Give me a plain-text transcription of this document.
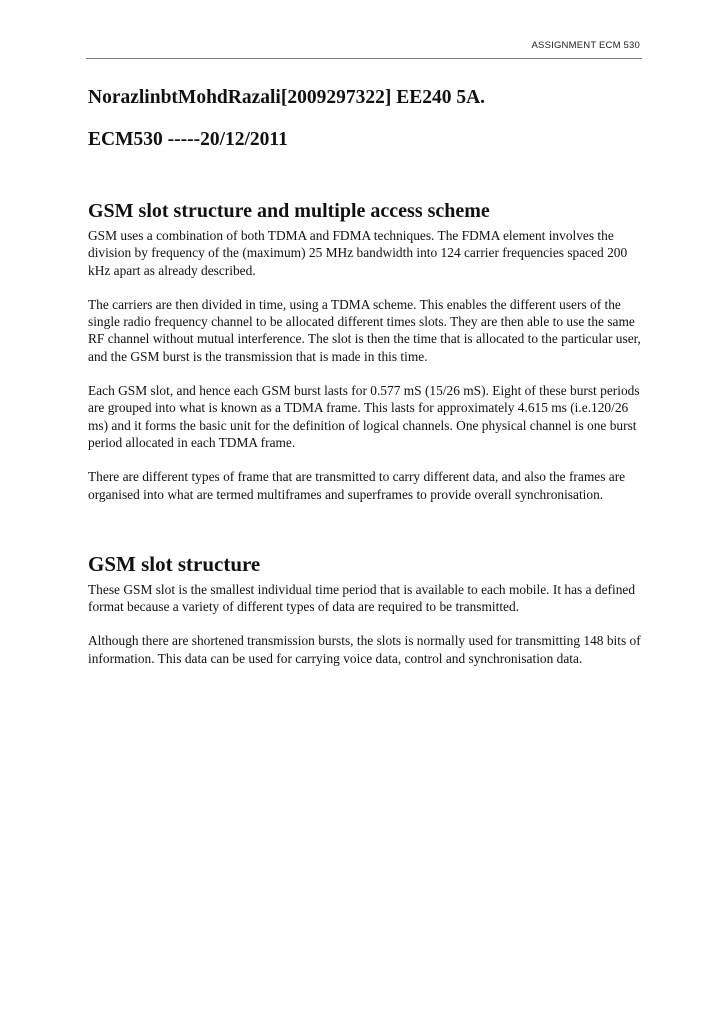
ASSIGNMENT ECM 530

NorazlinbtMohdRazali[2009297322] EE240 5A.

ECM530 -----20/12/2011

GSM slot structure and multiple access scheme

GSM uses a combination of both TDMA and FDMA techniques. The FDMA element involves the division by frequency of the (maximum) 25 MHz bandwidth into 124 carrier frequencies spaced 200 kHz apart as already described.

The carriers are then divided in time, using a TDMA scheme. This enables the different users of the single radio frequency channel to be allocated different times slots. They are then able to use the same RF channel without mutual interference. The slot is then the time that is allocated to the particular user, and the GSM burst is the transmission that is made in this time.

Each GSM slot, and hence each GSM burst lasts for 0.577 mS (15/26 mS). Eight of these burst periods are grouped into what is known as a TDMA frame. This lasts for approximately 4.615 ms (i.e.120/26 ms) and it forms the basic unit for the definition of logical channels. One physical channel is one burst period allocated in each TDMA frame.

There are different types of frame that are transmitted to carry different data, and also the frames are organised into what are termed multiframes and superframes to provide overall synchronisation.

GSM slot structure

These GSM slot is the smallest individual time period that is available to each mobile. It has a defined format because a variety of different types of data are required to be transmitted.

Although there are shortened transmission bursts, the slots is normally used for transmitting 148 bits of information. This data can be used for carrying voice data, control and synchronisation data.
